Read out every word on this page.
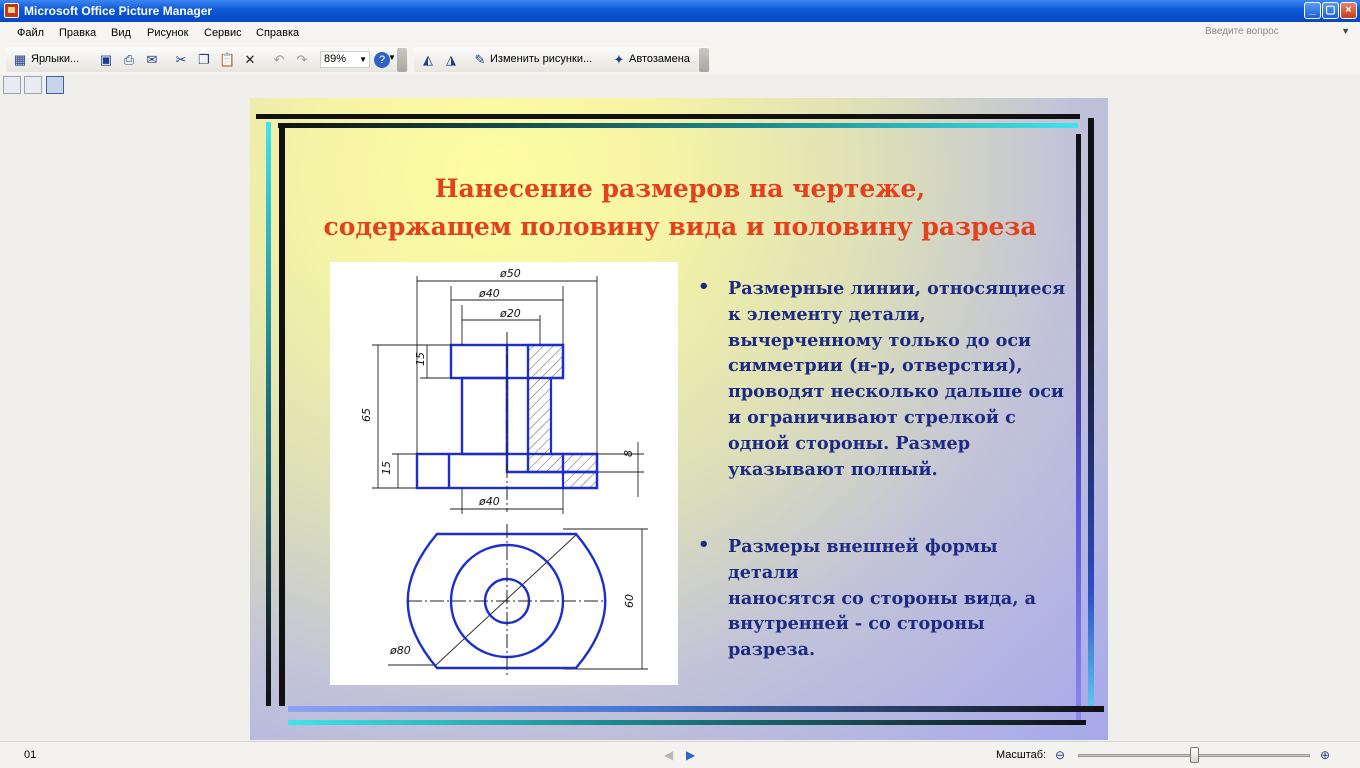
Microsoft Office Picture Manager	_ ▢ ×
Файл Правка Вид Рисунок Сервис Справка	Введите вопрос	▼
▦ Ярлыки... ▣ ⎙ ✉ ✂ ❐ 📋 ✕ ↶ ↷	89% ▼	? ▼ ◭ ◮ ✎ Изменить рисунки... ✦ Автозамена
Нанесение размеров на чертеже,
содержащем половину вида и половину разреза
ø50
ø40
ø20
ø40
ø80
15
65
15
8
60
• Размерные линии, относящиеся
к элементу детали,
вычерченному только до оси
симметрии (н-р, отверстия),
проводят несколько дальше оси
и ограничивают стрелкой с
одной стороны. Размер
указывают полный.
• Размеры внешней формы детали
наносятся со стороны вида, а
внутренней - со стороны разреза.
01	◀ ▶	Масштаб: ⊖	⊕
